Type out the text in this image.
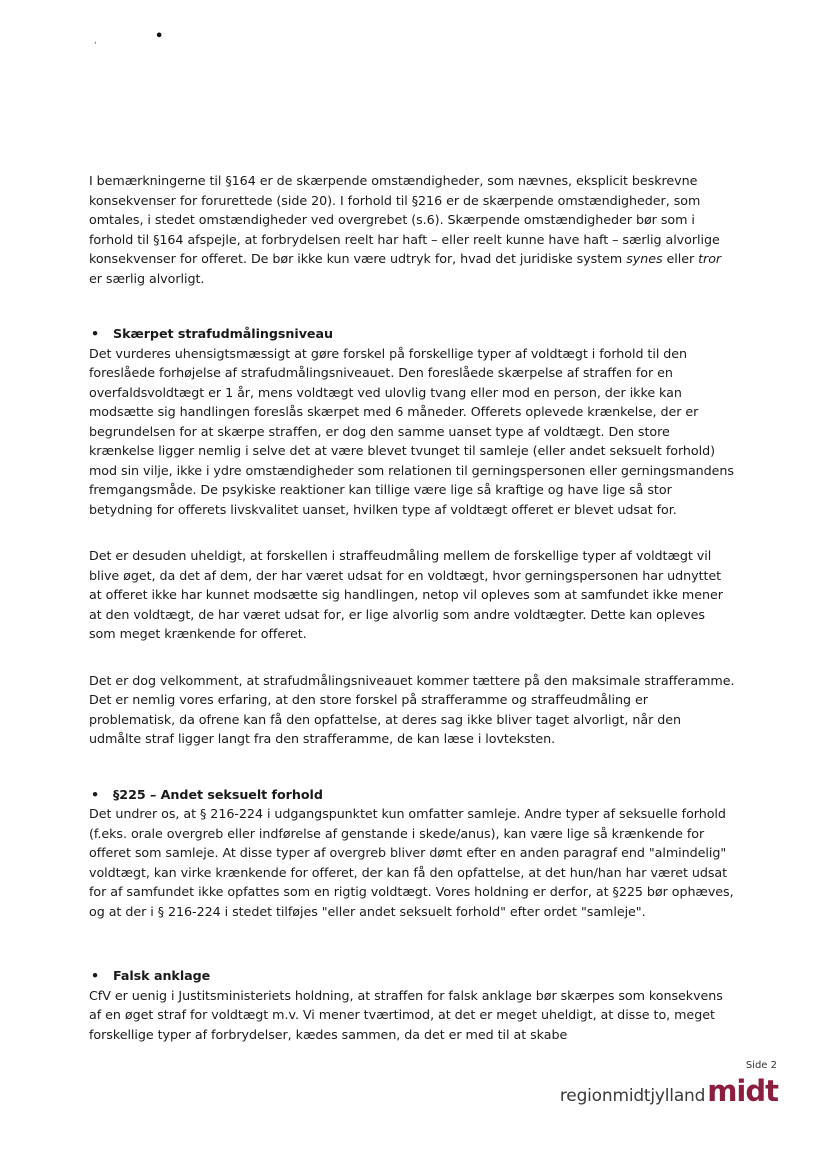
,	•

I bemærkningerne til §164 er de skærpende omstændigheder, som nævnes, eksplicit beskrevne konsekvenser for forurettede (side 20). I forhold til §216 er de skærpende omstændigheder, som omtales, i stedet omstændigheder ved overgrebet (s.6). Skærpende omstændigheder bør som i forhold til §164 afspejle, at forbrydelsen reelt har haft – eller reelt kunne have haft – særlig alvorlige konsekvenser for offeret. De bør ikke kun være udtryk for, hvad det juridiske system synes eller tror er særlig alvorligt.

•	Skærpet strafudmålingsniveau

Det vurderes uhensigtsmæssigt at gøre forskel på forskellige typer af voldtægt i forhold til den foreslåede forhøjelse af strafudmålingsniveauet. Den foreslåede skærpelse af straffen for en overfaldsvoldtægt er 1 år, mens voldtægt ved ulovlig tvang eller mod en person, der ikke kan modsætte sig handlingen foreslås skærpet med 6 måneder. Offerets oplevede krænkelse, der er begrundelsen for at skærpe straffen, er dog den samme uanset type af voldtægt. Den store krænkelse ligger nemlig i selve det at være blevet tvunget til samleje (eller andet seksuelt forhold) mod sin vilje, ikke i ydre omstændigheder som relationen til gerningspersonen eller gerningsmandens fremgangsmåde. De psykiske reaktioner kan tillige være lige så kraftige og have lige så stor betydning for offerets livskvalitet uanset, hvilken type af voldtægt offeret er blevet udsat for.

Det er desuden uheldigt, at forskellen i straffeudmåling mellem de forskellige typer af voldtægt vil blive øget, da det af dem, der har været udsat for en voldtægt, hvor gerningspersonen har udnyttet at offeret ikke har kunnet modsætte sig handlingen, netop vil opleves som at samfundet ikke mener at den voldtægt, de har været udsat for, er lige alvorlig som andre voldtægter. Dette kan opleves som meget krænkende for offeret.

Det er dog velkomment, at strafudmålingsniveauet kommer tættere på den maksimale strafferamme. Det er nemlig vores erfaring, at den store forskel på strafferamme og straffeudmåling er problematisk, da ofrene kan få den opfattelse, at deres sag ikke bliver taget alvorligt, når den udmålte straf ligger langt fra den strafferamme, de kan læse i lovteksten.

•	§225 – Andet seksuelt forhold

Det undrer os, at § 216-224 i udgangspunktet kun omfatter samleje. Andre typer af seksuelle forhold (f.eks. orale overgreb eller indførelse af genstande i skede/anus), kan være lige så krænkende for offeret som samleje. At disse typer af overgreb bliver dømt efter en anden paragraf end "almindelig" voldtægt, kan virke krænkende for offeret, der kan få den opfattelse, at det hun/han har været udsat for af samfundet ikke opfattes som en rigtig voldtægt. Vores holdning er derfor, at §225 bør ophæves, og at der i § 216-224 i stedet tilføjes "eller andet seksuelt forhold" efter ordet "samleje".

•	Falsk anklage

CfV er uenig i Justitsministeriets holdning, at straffen for falsk anklage bør skærpes som konsekvens af en øget straf for voldtægt m.v. Vi mener tværtimod, at det er meget uheldigt, at disse to, meget forskellige typer af forbrydelser, kædes sammen, da det er med til at skabe

Side 2
regionmidtjylland midt
